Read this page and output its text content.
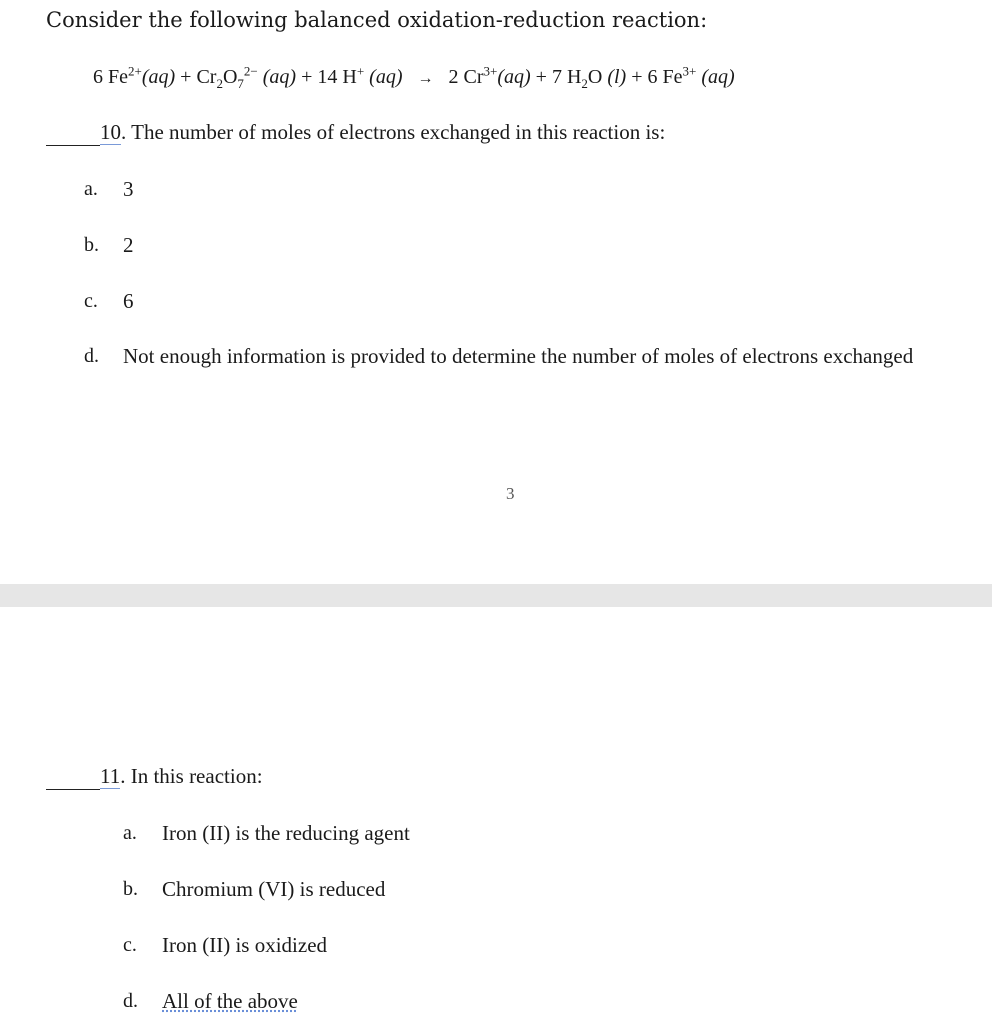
Consider the following balanced oxidation-reduction reaction:
6 $Fe^{2+}(aq) + Cr_2O_7^{2-}$ (aq) + 14 H+ (aq) → 2 $Cr^{3+}(aq) + 7$ $H_2O$ (l) + 6 $Fe^{3+}$ (aq)
10. The number of moles of electrons exchanged in this reaction is:
a. 3
b. 2
c. 6
d. Not enough information is provided to determine the number of moles of electrons exchanged
3
11. In this reaction:
a. Iron (II) is the reducing agent
b. Chromium (VI) is reduced
c. Iron (II) is oxidized
d. All of the above
